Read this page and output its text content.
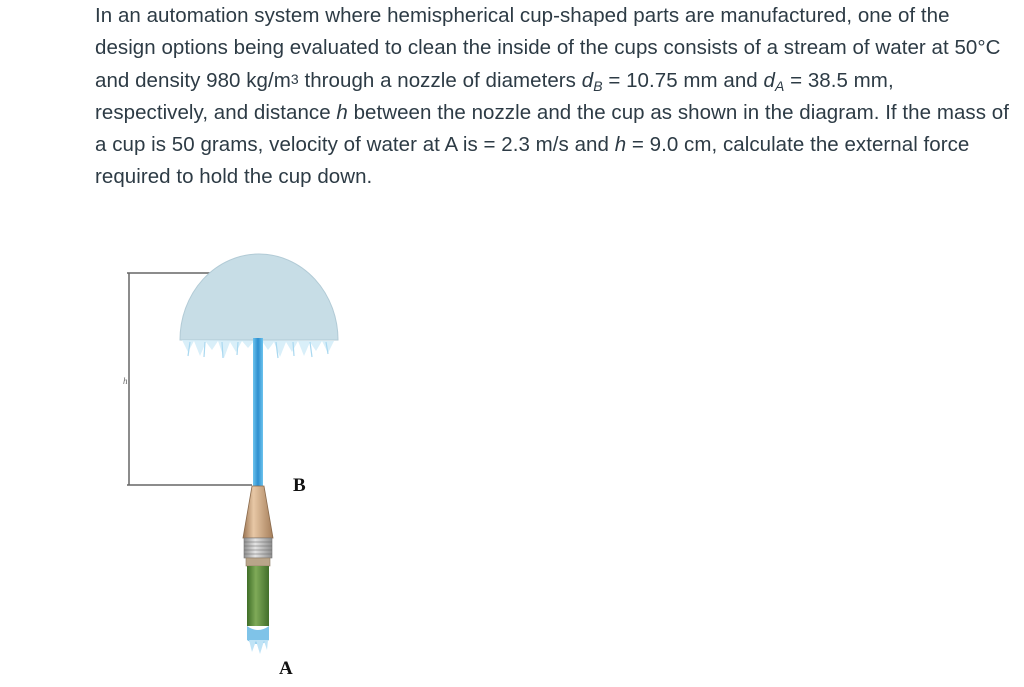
In an automation system where hemispherical cup-shaped parts are manufactured, one of the design options being evaluated to clean the inside of the cups consists of a stream of water at 50°C and density 980 $kg/m^3$ through a nozzle of diameters $d_B = 10.75$ mm and $d_A = 38.5$ mm, respectively, and distance h between the nozzle and the cup as shown in the diagram. If the mass of a cup is 50 grams, velocity of water at A is = 2.3 m/s and h = 9.0 cm, calculate the external force required to hold the cup down.

h
B
A
